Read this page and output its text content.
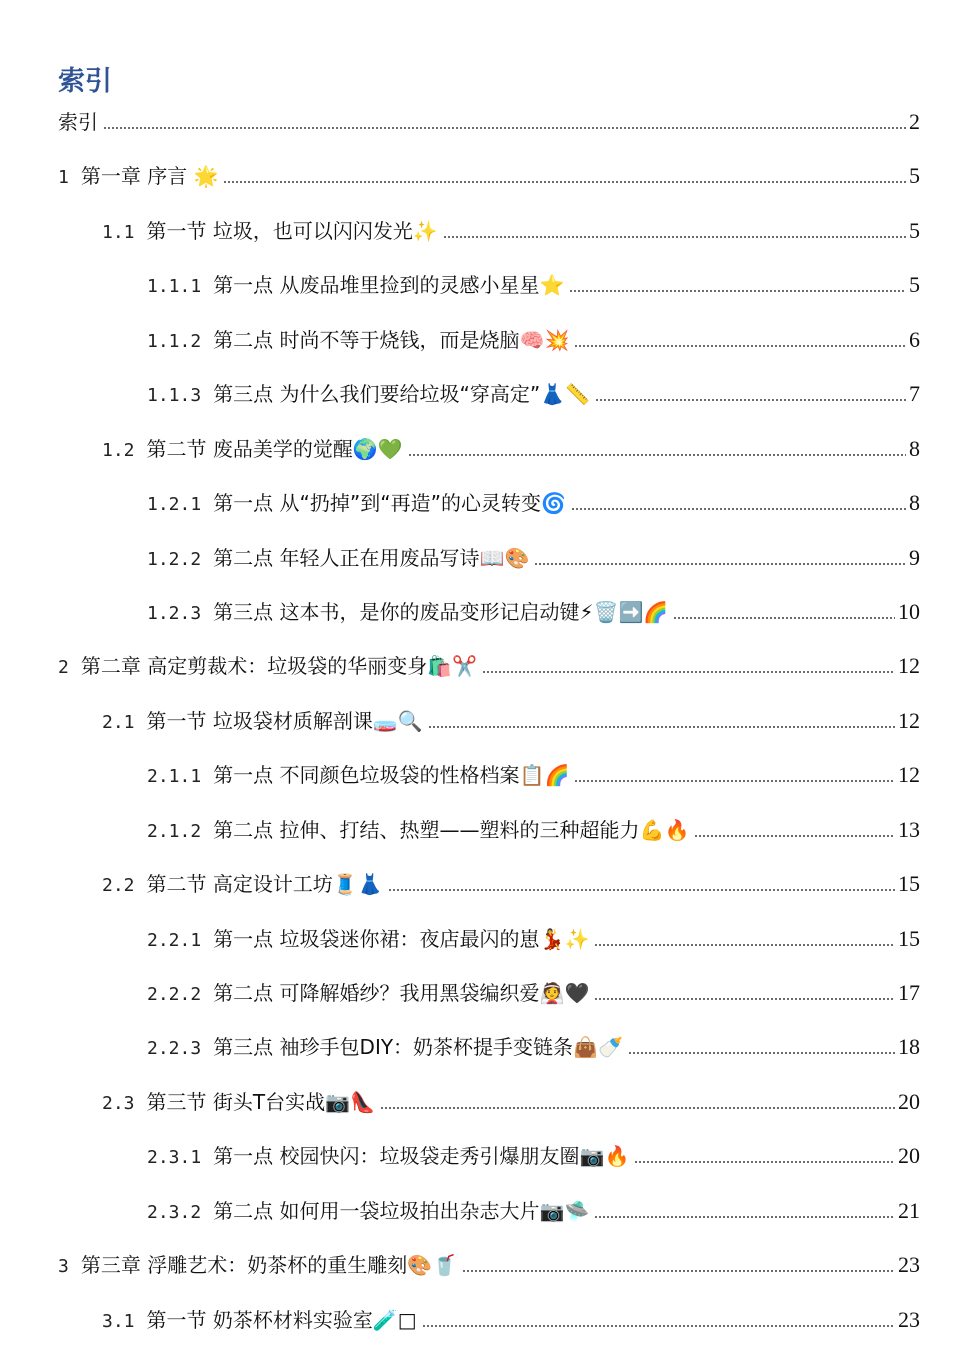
索引
索引	2
1 第一章 序言 🌟	5
1.1 第一节 垃圾，也可以闪闪发光✨	5
1.1.1 第一点 从废品堆里捡到的灵感小星星⭐	5
1.1.2 第二点 时尚不等于烧钱，而是烧脑🧠💥	6
1.1.3 第三点 为什么我们要给垃圾“穿高定”👗📏	7
1.2 第二节 废品美学的觉醒🌍💚	8
1.2.1 第一点 从“扔掉”到“再造”的心灵转变🌀	8
1.2.2 第二点 年轻人正在用废品写诗📖🎨	9
1.2.3 第三点 这本书，是你的废品变形记启动键⚡🗑️➡️🌈	10
2 第二章 高定剪裁术：垃圾袋的华丽变身🛍️✂️	12
2.1 第一节 垃圾袋材质解剖课🧫🔍	12
2.1.1 第一点 不同颜色垃圾袋的性格档案📋🌈	12
2.1.2 第二点 拉伸、打结、热塑——塑料的三种超能力💪🔥	13
2.2 第二节 高定设计工坊🧵👗	15
2.2.1 第一点 垃圾袋迷你裙：夜店最闪的崽💃✨	15
2.2.2 第二点 可降解婚纱？我用黑袋编织爱👰🖤	17
2.2.3 第三点 袖珍手包DIY：奶茶杯提手变链条👜🍼	18
2.3 第三节 街头T台实战📷👠	20
2.3.1 第一点 校园快闪：垃圾袋走秀引爆朋友圈📷🔥	20
2.3.2 第二点 如何用一袋垃圾拍出杂志大片📷🛸	21
3 第三章 浮雕艺术：奶茶杯的重生雕刻🎨🥤	23
3.1 第一节 奶茶杯材料实验室🧪□	23
